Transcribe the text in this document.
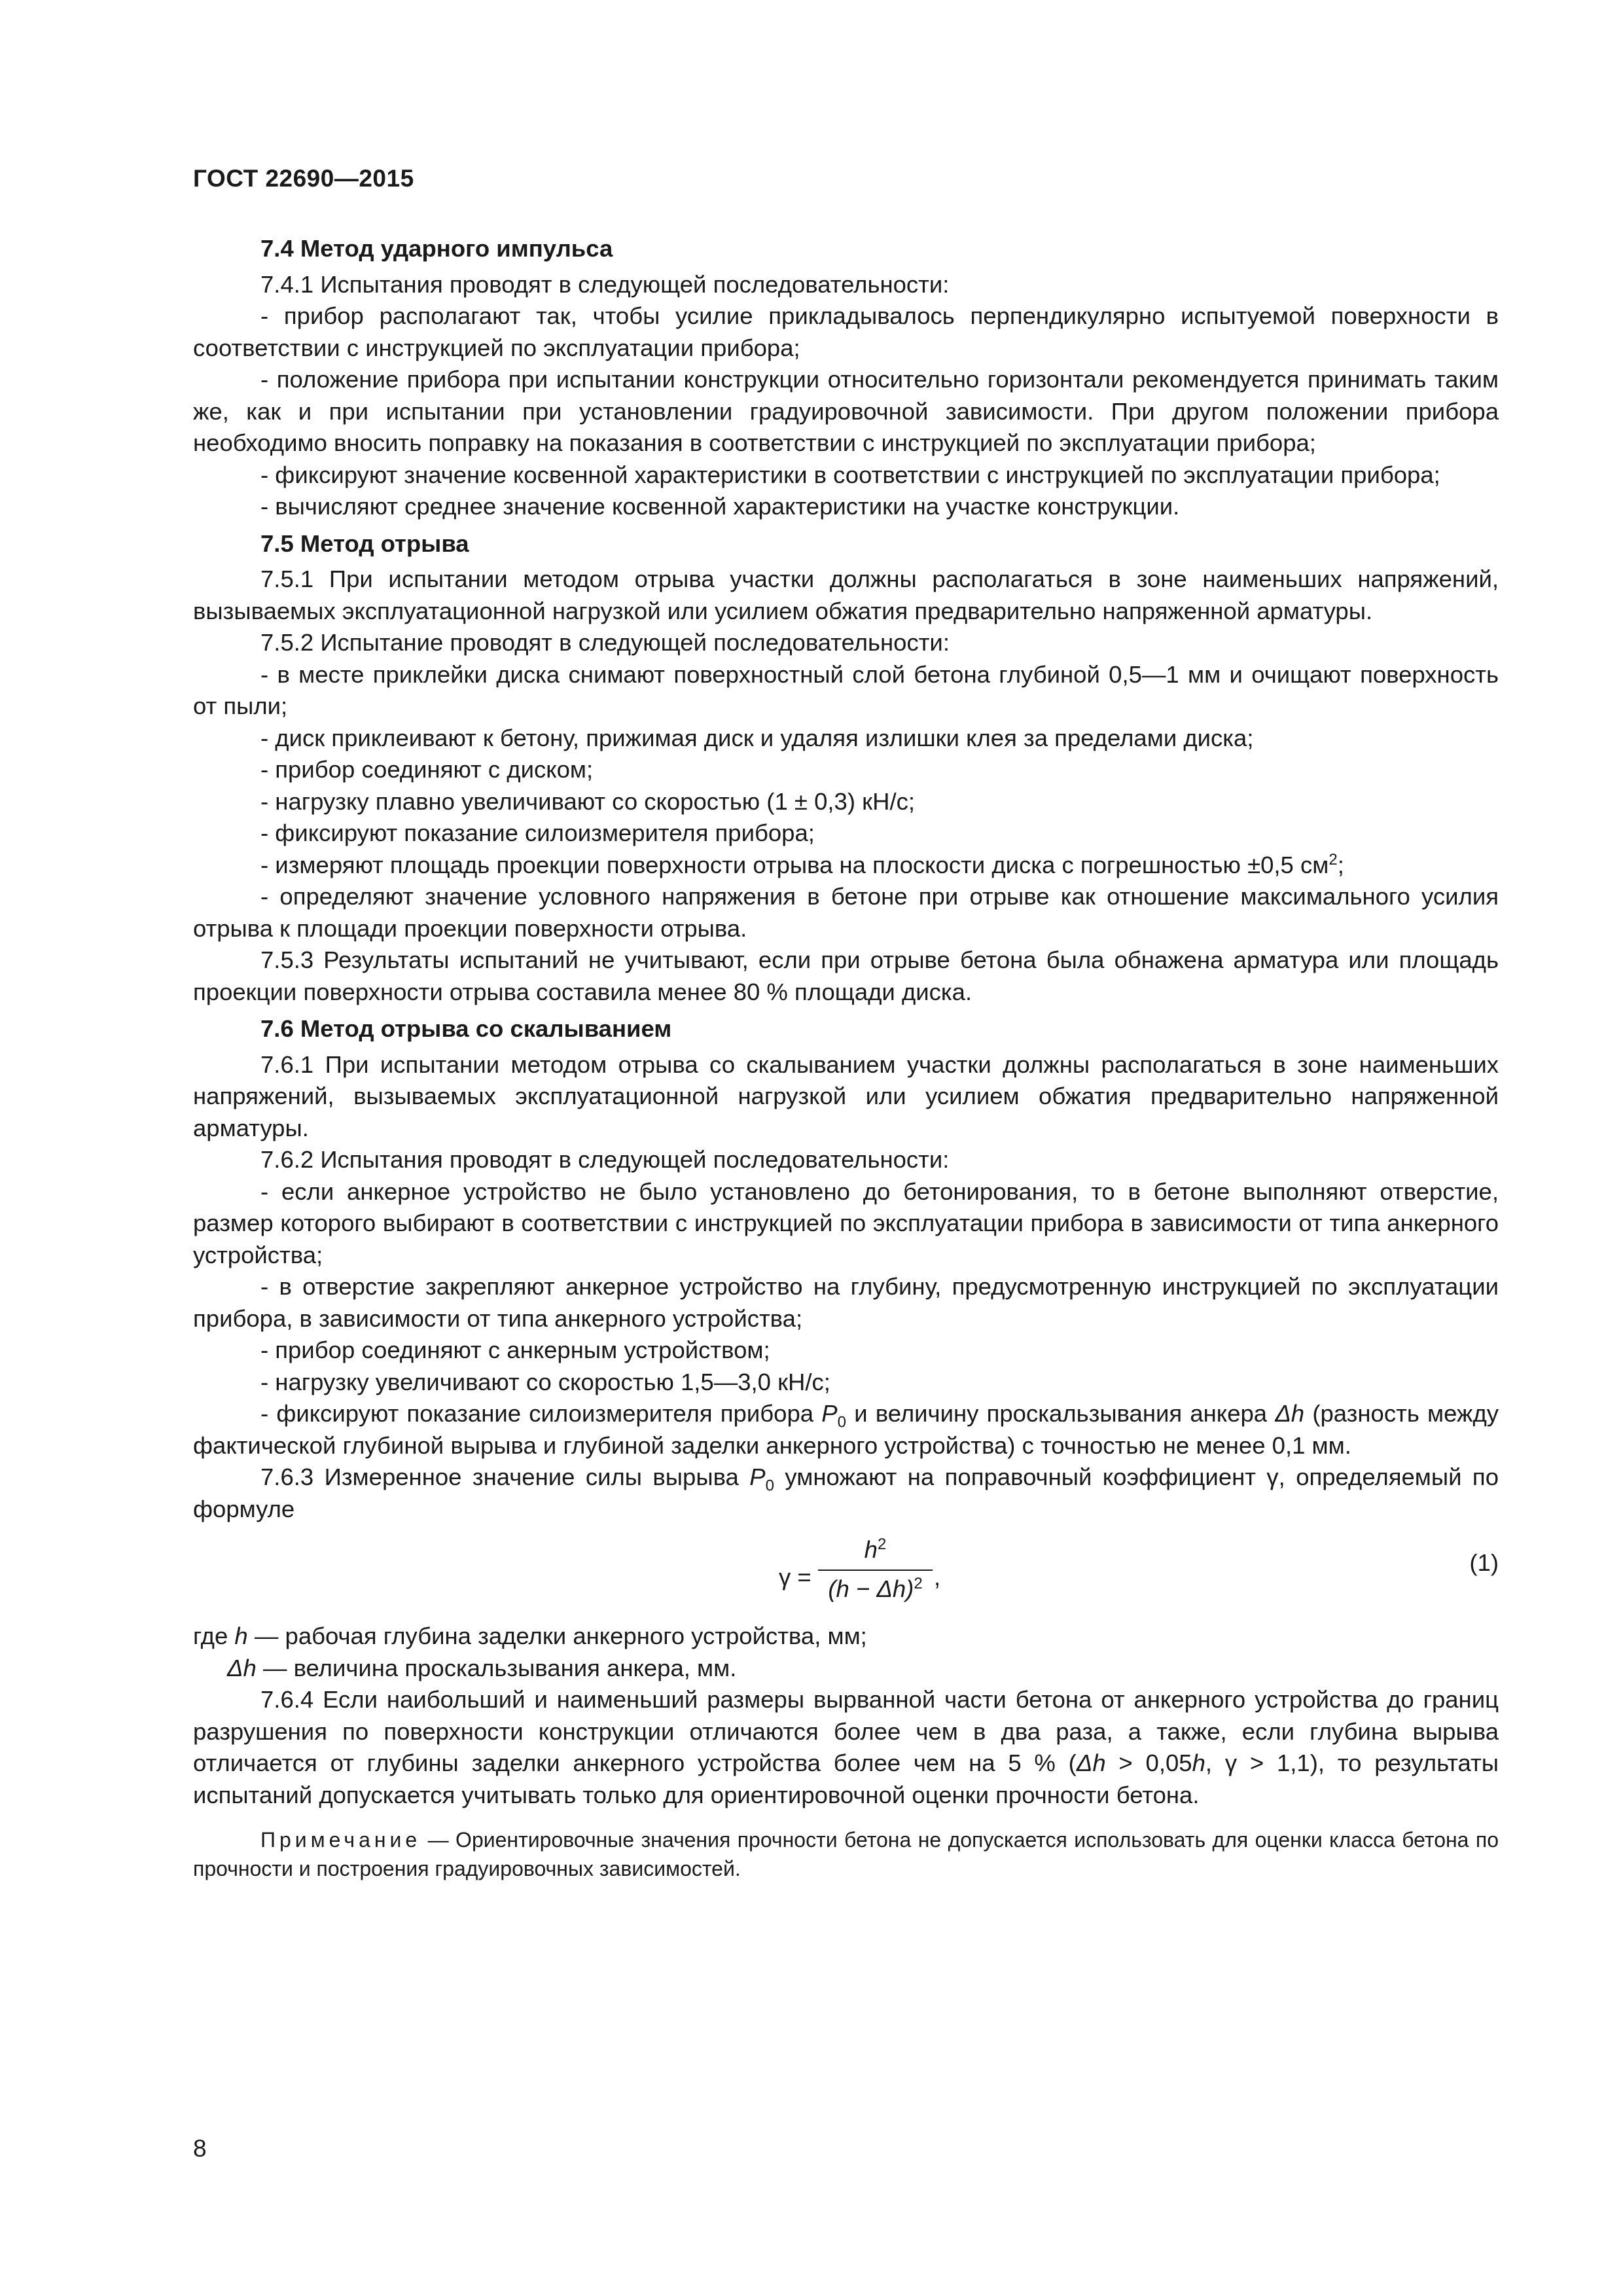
ГОСТ 22690—2015

7.4 Метод ударного импульса

7.4.1 Испытания проводят в следующей последовательности:

- прибор располагают так, чтобы усилие прикладывалось перпендикулярно испытуемой поверхности в соответствии с инструкцией по эксплуатации прибора;

- положение прибора при испытании конструкции относительно горизонтали рекомендуется принимать таким же, как и при испытании при установлении градуировочной зависимости. При другом положении прибора необходимо вносить поправку на показания в соответствии с инструкцией по эксплуатации прибора;

- фиксируют значение косвенной характеристики в соответствии с инструкцией по эксплуатации прибора;

- вычисляют среднее значение косвенной характеристики на участке конструкции.

7.5 Метод отрыва

7.5.1 При испытании методом отрыва участки должны располагаться в зоне наименьших напряжений, вызываемых эксплуатационной нагрузкой или усилием обжатия предварительно напряженной арматуры.

7.5.2 Испытание проводят в следующей последовательности:

- в месте приклейки диска снимают поверхностный слой бетона глубиной 0,5—1 мм и очищают поверхность от пыли;

- диск приклеивают к бетону, прижимая диск и удаляя излишки клея за пределами диска;

- прибор соединяют с диском;

- нагрузку плавно увеличивают со скоростью (1 ± 0,3) кН/с;

- фиксируют показание силоизмерителя прибора;

- измеряют площадь проекции поверхности отрыва на плоскости диска с погрешностью ±0,5 $см^2$;

- определяют значение условного напряжения в бетоне при отрыве как отношение максимального усилия отрыва к площади проекции поверхности отрыва.

7.5.3 Результаты испытаний не учитывают, если при отрыве бетона была обнажена арматура или площадь проекции поверхности отрыва составила менее 80 % площади диска.

7.6 Метод отрыва со скалыванием

7.6.1 При испытании методом отрыва со скалыванием участки должны располагаться в зоне наименьших напряжений, вызываемых эксплуатационной нагрузкой или усилием обжатия предварительно напряженной арматуры.

7.6.2 Испытания проводят в следующей последовательности:

- если анкерное устройство не было установлено до бетонирования, то в бетоне выполняют отверстие, размер которого выбирают в соответствии с инструкцией по эксплуатации прибора в зависимости от типа анкерного устройства;

- в отверстие закрепляют анкерное устройство на глубину, предусмотренную инструкцией по эксплуатации прибора, в зависимости от типа анкерного устройства;

- прибор соединяют с анкерным устройством;

- нагрузку увеличивают со скоростью 1,5—3,0 кН/с;

- фиксируют показание силоизмерителя прибора $P_0$ и величину проскальзывания анкера Δh (разность между фактической глубиной вырыва и глубиной заделки анкерного устройства) с точностью не менее 0,1 мм.

7.6.3 Измеренное значение силы вырыва $P_0$ умножают на поправочный коэффициент γ, определяемый по формуле

$\gamma = \frac{h^2}{(h - \Delta h)^2}$ ,
(1)

где h — рабочая глубина заделки анкерного устройства, мм;

Δh — величина проскальзывания анкера, мм.

7.6.4 Если наибольший и наименьший размеры вырванной части бетона от анкерного устройства до границ разрушения по поверхности конструкции отличаются более чем в два раза, а также, если глубина вырыва отличается от глубины заделки анкерного устройства более чем на 5 % (Δh > 0,05h, γ > 1,1), то результаты испытаний допускается учитывать только для ориентировочной оценки прочности бетона.

Примечание — Ориентировочные значения прочности бетона не допускается использовать для оценки класса бетона по прочности и построения градуировочных зависимостей.

8
